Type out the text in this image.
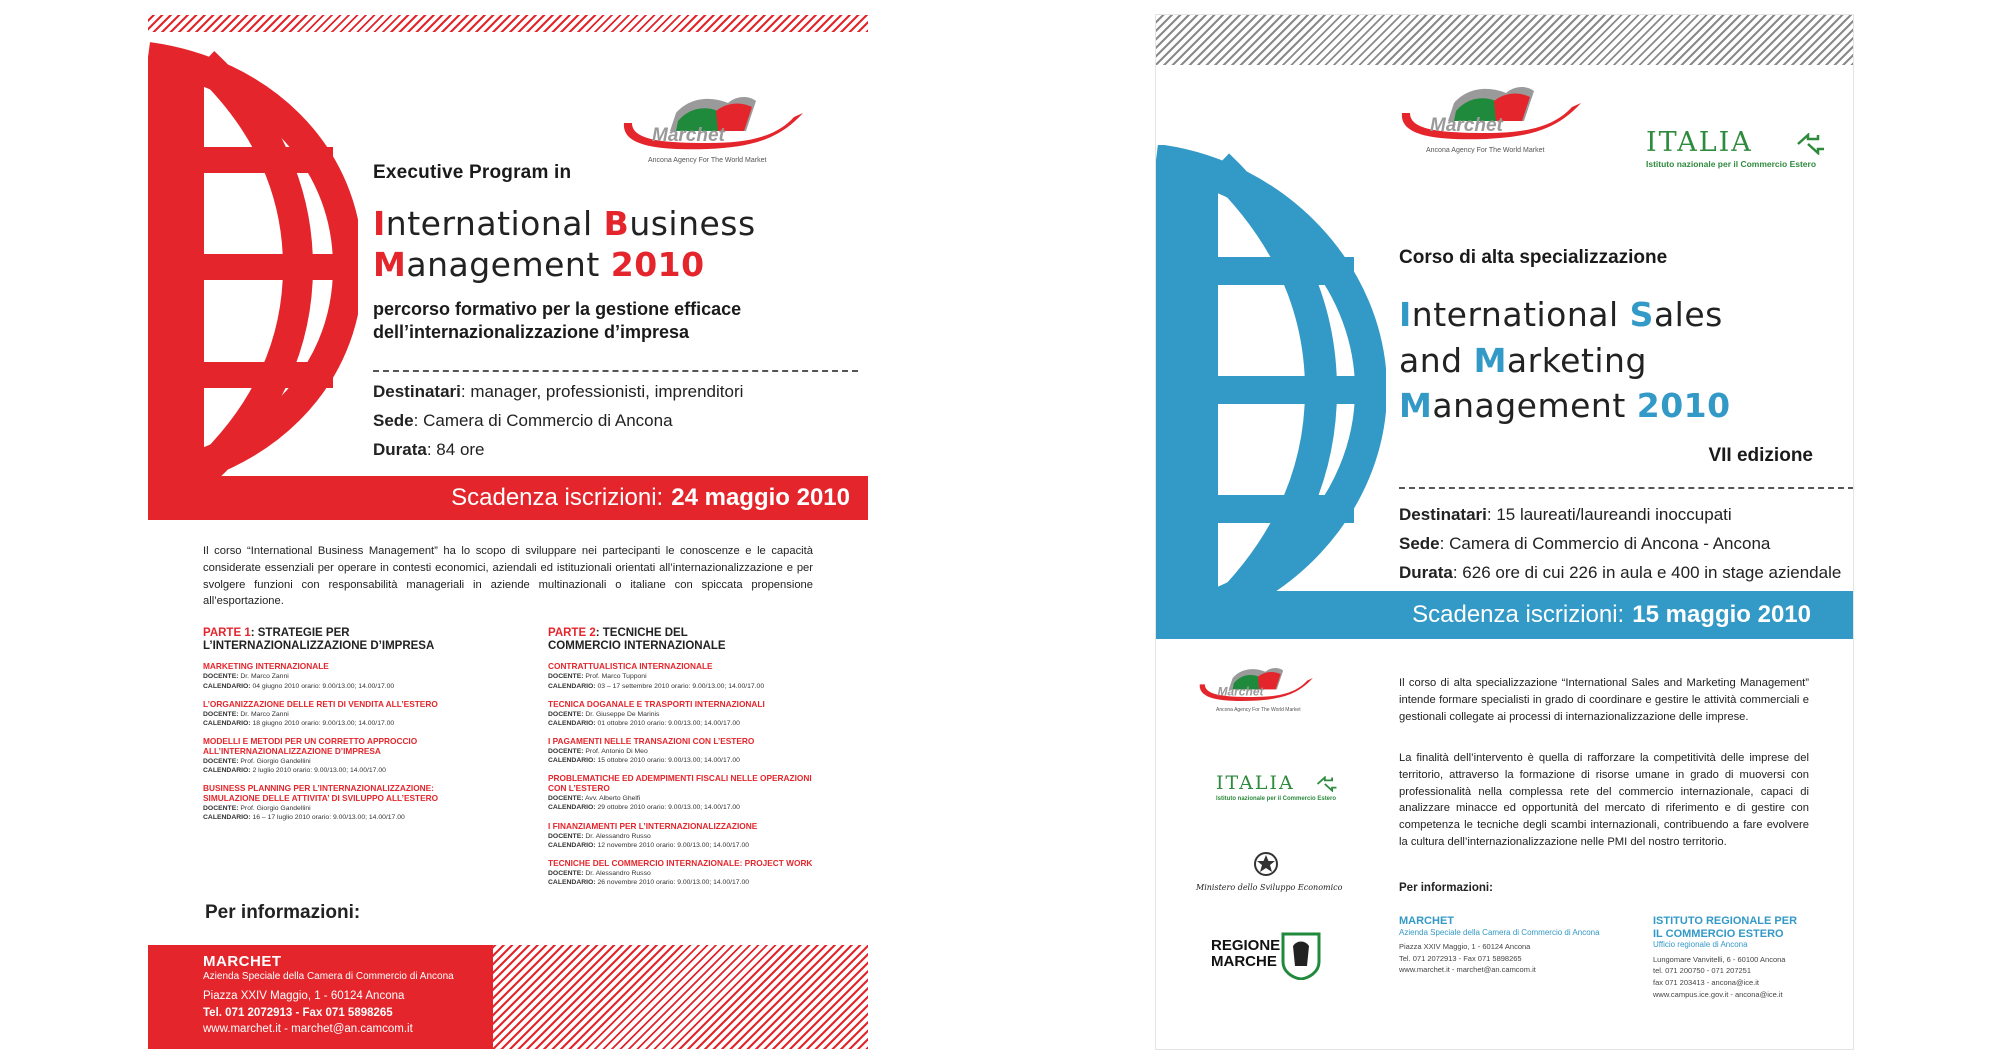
Marchet
Ancona Agency For The World Market
Executive Program in
International Business
Management 2010
percorso formativo per la gestione efficace
dell’internazionalizzazione d’impresa
Destinatari: manager, professionisti, imprenditori
Sede: Camera di Commercio di Ancona
Durata: 84 ore
Scadenza iscrizioni: 24 maggio 2010
Il corso “International Business Management” ha lo scopo di sviluppare nei partecipanti le conoscenze e le capacità considerate essenziali per operare in contesti economici, aziendali ed istituzionali orientati all’internazionalizzazione e per svolgere funzioni con responsabilità manageriali in aziende multinazionali o italiane con spiccata propensione all’esportazione.
PARTE 1: STRATEGIE PER
L’INTERNAZIONALIZZAZIONE D’IMPRESA
MARKETING INTERNAZIONALE
DOCENTE: Dr. Marco Zanni
CALENDARIO: 04 giugno 2010 orario: 9.00/13.00; 14.00/17.00
L’ORGANIZZAZIONE DELLE RETI DI VENDITA ALL’ESTERO
DOCENTE: Dr. Marco Zanni
CALENDARIO: 18 giugno 2010 orario: 9.00/13.00; 14.00/17.00
MODELLI E METODI PER UN CORRETTO APPROCCIO ALL’INTERNAZIONALIZZAZIONE D’IMPRESA
DOCENTE: Prof. Giorgio Gandellini
CALENDARIO: 2 luglio 2010 orario: 9.00/13.00; 14.00/17.00
BUSINESS PLANNING PER L’INTERNAZIONALIZZAZIONE: SIMULAZIONE DELLE ATTIVITA’ DI SVILUPPO ALL’ESTERO
DOCENTE: Prof. Giorgio Gandellini
CALENDARIO: 16 – 17 luglio 2010 orario: 9.00/13.00; 14.00/17.00
PARTE 2: TECNICHE DEL
COMMERCIO INTERNAZIONALE
CONTRATTUALISTICA INTERNAZIONALE
DOCENTE: Prof. Marco Tupponi
CALENDARIO: 03 – 17 settembre 2010 orario: 9.00/13.00; 14.00/17.00
TECNICA DOGANALE E TRASPORTI INTERNAZIONALI
DOCENTE: Dr. Giuseppe De Marinis
CALENDARIO: 01 ottobre 2010 orario: 9.00/13.00; 14.00/17.00
I PAGAMENTI NELLE TRANSAZIONI CON L’ESTERO
DOCENTE: Prof. Antonio Di Meo
CALENDARIO: 15 ottobre 2010 orario: 9.00/13.00; 14.00/17.00
PROBLEMATICHE ED ADEMPIMENTI FISCALI NELLE OPERAZIONI CON L’ESTERO
DOCENTE: Avv. Alberto Ghelfi
CALENDARIO: 29 ottobre 2010 orario: 9.00/13.00; 14.00/17.00
I FINANZIAMENTI PER L’INTERNAZIONALIZZAZIONE
DOCENTE: Dr. Alessandro Russo
CALENDARIO: 12 novembre 2010 orario: 9.00/13.00; 14.00/17.00
TECNICHE DEL COMMERCIO INTERNAZIONALE: PROJECT WORK
DOCENTE: Dr. Alessandro Russo
CALENDARIO: 26 novembre 2010 orario: 9.00/13.00; 14.00/17.00
Per informazioni:
MARCHET
Azienda Speciale della Camera di Commercio di Ancona
Piazza XXIV Maggio, 1 - 60124 Ancona
Tel. 071 2072913 - Fax 071 5898265
www.marchet.it - marchet@an.camcom.it
Marchet
Ancona Agency For The World Market	ITALIA
Istituto nazionale per il Commercio Estero
Corso di alta specializzazione
International Sales
and Marketing
Management 2010
VII edizione
Destinatari: 15 laureati/laureandi inoccupati
Sede: Camera di Commercio di Ancona - Ancona
Durata: 626 ore di cui 226 in aula e 400 in stage aziendale
Scadenza iscrizioni: 15 maggio 2010
Marchet
Ancona Agency For The World Market
ITALIA
Istituto nazionale per il Commercio Estero
Ministero dello Sviluppo Economico
REGIONE
MARCHE
Il corso di alta specializzazione “International Sales and Marketing Management” intende formare specialisti in grado di coordinare e gestire le attività commerciali e gestionali collegate ai processi di internazionalizzazione delle imprese.
La finalità dell’intervento è quella di rafforzare la competitività delle imprese del territorio, attraverso la formazione di risorse umane in grado di muoversi con professionalità nella complessa rete del commercio internazionale, capaci di analizzare minacce ed opportunità del mercato di riferimento e di gestire con competenza le tecniche degli scambi internazionali, contribuendo a fare evolvere la cultura dell’internazionalizzazione nelle PMI del nostro territorio.
Per informazioni:
MARCHET
Azienda Speciale della Camera di Commercio di Ancona
Piazza XXIV Maggio, 1 - 60124 Ancona
Tel. 071 2072913 - Fax 071 5898265
www.marchet.it - marchet@an.camcom.it
ISTITUTO REGIONALE PER
IL COMMERCIO ESTERO
Ufficio regionale di Ancona
Lungomare Vanvitelli, 6 - 60100 Ancona
tel. 071 200750 - 071 207251
fax 071 203413 - ancona@ice.it
www.campus.ice.gov.it - ancona@ice.it
